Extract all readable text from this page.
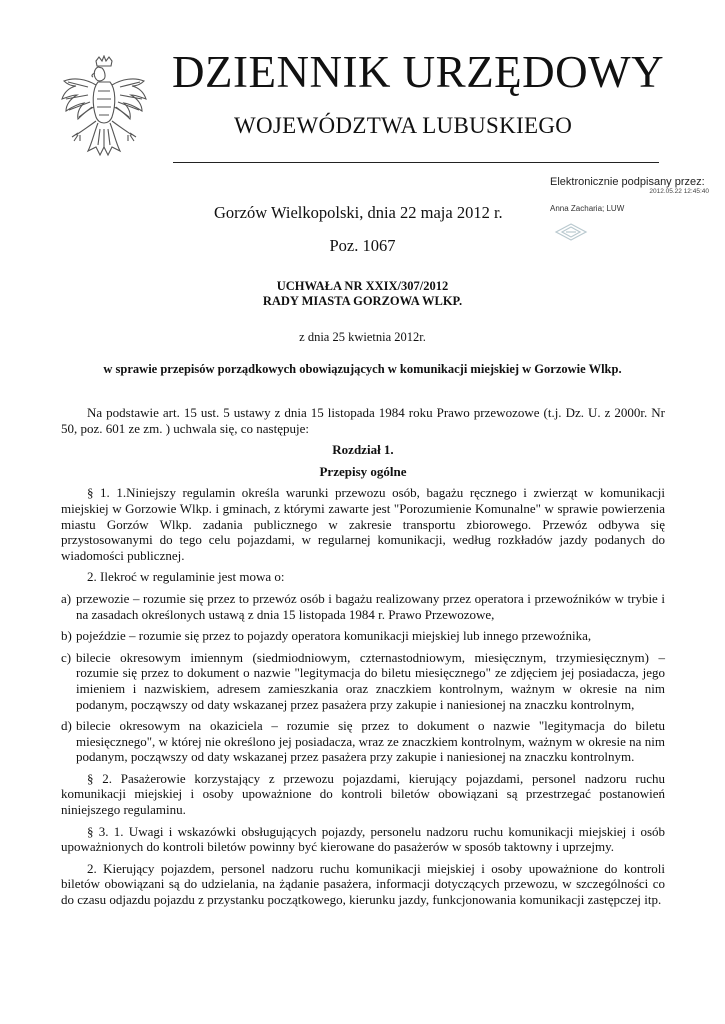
DZIENNIK URZĘDOWY
WOJEWÓDZTWA LUBUSKIEGO
Elektronicznie podpisany przez:
2012.05.22 12:45:40
Anna Zacharia; LUW
Gorzów Wielkopolski, dnia 22 maja 2012 r.
Poz. 1067
UCHWAŁA NR XXIX/307/2012
RADY MIASTA GORZOWA WLKP.
z dnia 25 kwietnia 2012r.
w sprawie przepisów porządkowych obowiązujących w komunikacji miejskiej w Gorzowie Wlkp.

Na podstawie art. 15 ust. 5 ustawy z dnia 15 listopada 1984 roku Prawo przewozowe (t.j. Dz. U. z 2000r. Nr 50, poz. 601 ze zm. ) uchwala się, co następuje:

Rozdział 1.

Przepisy ogólne

§ 1. 1.Niniejszy regulamin określa warunki przewozu osób, bagażu ręcznego i zwierząt w komunikacji miejskiej w Gorzowie Wlkp. i gminach, z którymi zawarte jest "Porozumienie Komunalne" w sprawie powierzenia miastu Gorzów Wlkp. zadania publicznego w zakresie transportu zbiorowego. Przewóz odbywa się przystosowanymi do tego celu pojazdami, w regularnej komunikacji, według rozkładów jazdy podanych do wiadomości publicznej.

2. Ilekroć w regulaminie jest mowa o:

a) przewozie – rozumie się przez to przewóz osób i bagażu realizowany przez operatora i przewoźników w trybie i na zasadach określonych ustawą z dnia 15 listopada 1984 r. Prawo Przewozowe,
b) pojeździe – rozumie się przez to pojazdy operatora komunikacji miejskiej lub innego przewoźnika,
c) bilecie okresowym imiennym (siedmiodniowym, czternastodniowym, miesięcznym, trzymiesięcznym) – rozumie się przez to dokument o nazwie "legitymacja do biletu miesięcznego" ze zdjęciem jej posiadacza, jego imieniem i nazwiskiem, adresem zamieszkania oraz znaczkiem kontrolnym, ważnym w okresie na nim podanym, począwszy od daty wskazanej przez pasażera przy zakupie i naniesionej na znaczku kontrolnym,
d) bilecie okresowym na okaziciela – rozumie się przez to dokument o nazwie "legitymacja do biletu miesięcznego", w której nie określono jej posiadacza, wraz ze znaczkiem kontrolnym, ważnym w okresie na nim podanym, począwszy od daty wskazanej przez pasażera przy zakupie i naniesionej na znaczku kontrolnym.

§ 2. Pasażerowie korzystający z przewozu pojazdami, kierujący pojazdami, personel nadzoru ruchu komunikacji miejskiej i osoby upoważnione do kontroli biletów obowiązani są przestrzegać postanowień niniejszego regulaminu.

§ 3. 1. Uwagi i wskazówki obsługujących pojazdy, personelu nadzoru ruchu komunikacji miejskiej i osób upoważnionych do kontroli biletów powinny być kierowane do pasażerów w sposób taktowny i uprzejmy.

2. Kierujący pojazdem, personel nadzoru ruchu komunikacji miejskiej i osoby upoważnione do kontroli biletów obowiązani są do udzielania, na żądanie pasażera, informacji dotyczących przewozu, w szczególności co do czasu odjazdu pojazdu z przystanku początkowego, kierunku jazdy, funkcjonowania komunikacji zastępczej itp.
